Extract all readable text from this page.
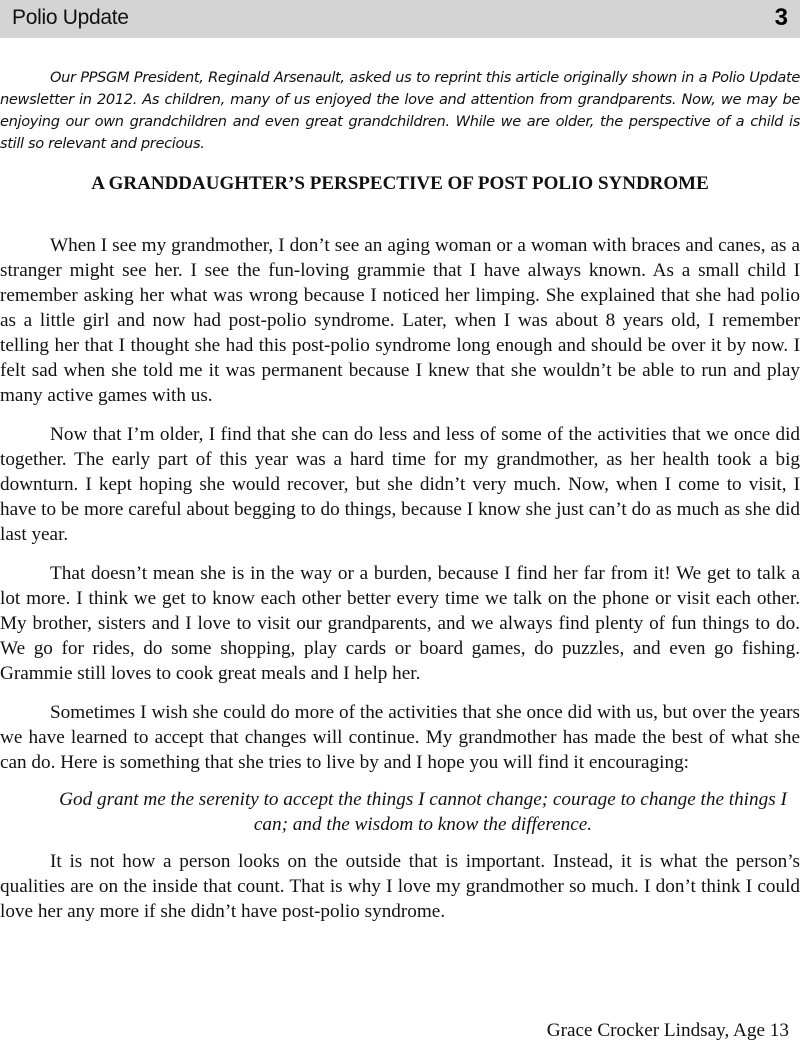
Polio Update	3

Our PPSGM President, Reginald Arsenault, asked us to reprint this article originally shown in a Polio Update newsletter in 2012. As children, many of us enjoyed the love and attention from grandparents. Now, we may be enjoying our own grandchildren and even great grandchildren. While we are older, the perspective of a child is still so relevant and precious.

A GRANDDAUGHTER’S PERSPECTIVE OF POST POLIO SYNDROME

When I see my grandmother, I don’t see an aging woman or a woman with braces and canes, as a stranger might see her. I see the fun-loving grammie that I have always known. As a small child I remember asking her what was wrong because I noticed her limping. She explained that she had polio as a little girl and now had post-polio syndrome. Later, when I was about 8 years old, I remember telling her that I thought she had this post-polio syndrome long enough and should be over it by now. I felt sad when she told me it was permanent because I knew that she wouldn’t be able to run and play many active games with us.

Now that I’m older, I find that she can do less and less of some of the activities that we once did together. The early part of this year was a hard time for my grandmother, as her health took a big downturn. I kept hoping she would recover, but she didn’t very much. Now, when I come to visit, I have to be more careful about begging to do things, because I know she just can’t do as much as she did last year.

That doesn’t mean she is in the way or a burden, because I find her far from it! We get to talk a lot more. I think we get to know each other better every time we talk on the phone or visit each other. My brother, sisters and I love to visit our grandparents, and we always find plenty of fun things to do. We go for rides, do some shopping, play cards or board games, do puzzles, and even go fishing. Grammie still loves to cook great meals and I help her.

Sometimes I wish she could do more of the activities that she once did with us, but over the years we have learned to accept that changes will continue. My grandmother has made the best of what she can do. Here is something that she tries to live by and I hope you will find it encouraging:

God grant me the serenity to accept the things I cannot change; courage to change the things I can; and the wisdom to know the difference.

It is not how a person looks on the outside that is important. Instead, it is what the person’s qualities are on the inside that count. That is why I love my grandmother so much. I don’t think I could love her any more if she didn’t have post-polio syndrome.

Grace Crocker Lindsay, Age 13
